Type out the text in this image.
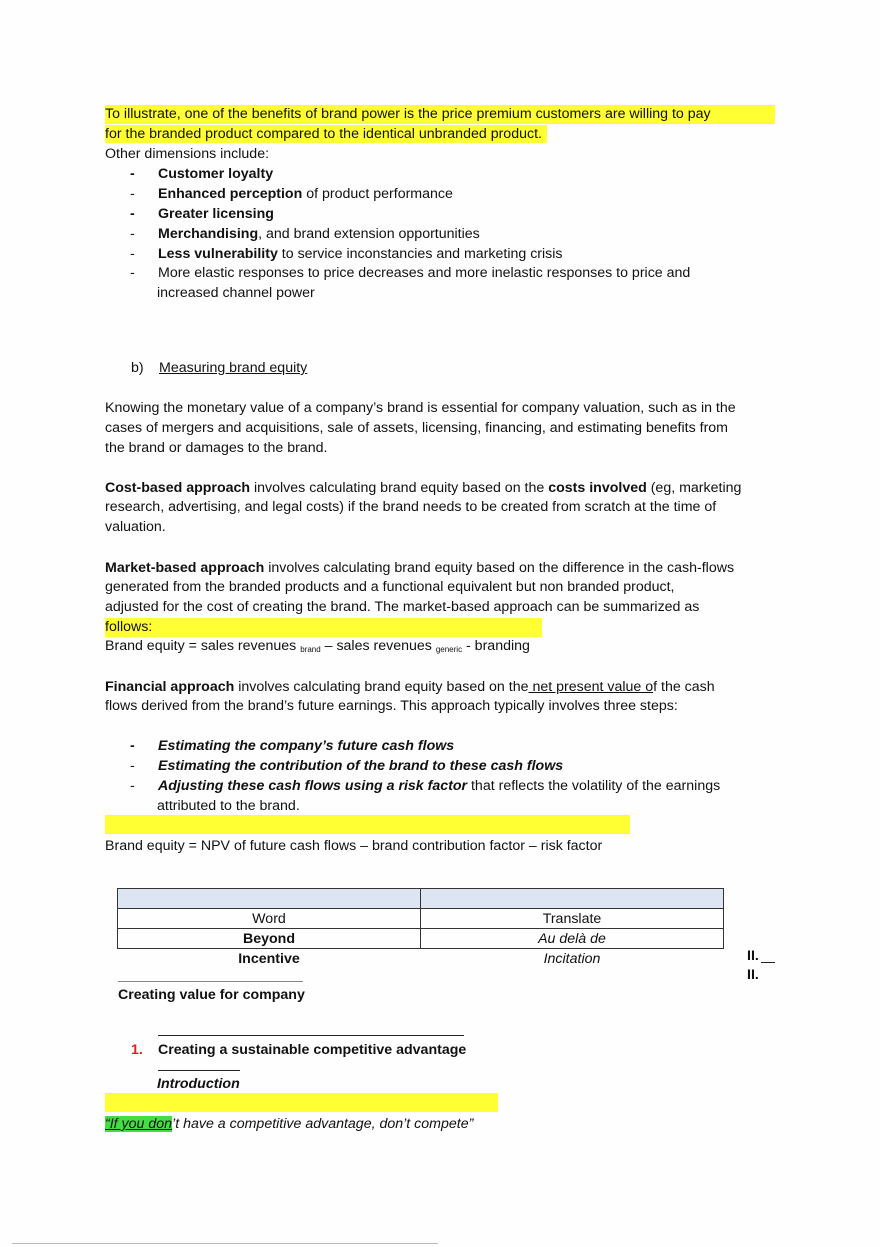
To illustrate, one of the benefits of brand power is the price premium customers are willing to pay
for the branded product compared to the identical unbranded product.
Other dimensions include:
- Customer loyalty
- Enhanced perception of product performance
- Greater licensing
- Merchandising, and brand extension opportunities
- Less vulnerability to service inconstancies and marketing crisis
- More elastic responses to price decreases and more inelastic responses to price and
increased channel power
b) Measuring brand equity
Knowing the monetary value of a company’s brand is essential for company valuation, such as in the
cases of mergers and acquisitions, sale of assets, licensing, financing, and estimating benefits from
the brand or damages to the brand.
Cost-based approach involves calculating brand equity based on the costs involved (eg, marketing
research, advertising, and legal costs) if the brand needs to be created from scratch at the time of
valuation.
Market-based approach involves calculating brand equity based on the difference in the cash-flows
generated from the branded products and a functional equivalent but non branded product,
adjusted for the cost of creating the brand. The market-based approach can be summarized as
follows:
Brand equity = sales revenues $_{brand}$ – sales revenues $_{generic}$ - branding
Financial approach involves calculating brand equity based on the net present value of the cash
flows derived from the brand’s future earnings. This approach typically involves three steps:
- Estimating the company’s future cash flows
- Estimating the contribution of the brand to these cash flows
- Adjusting these cash flows using a risk factor that reflects the volatility of the earnings
attributed to the brand.
Brand equity = NPV of future cash flows – brand contribution factor – risk factor

Word	Translate
Beyond	Au delà de
Incentive	Incitation	II.
II.
Creating value for company
1. Creating a sustainable competitive advantage
Introduction
“If you don’t have a competitive advantage, don’t compete”
